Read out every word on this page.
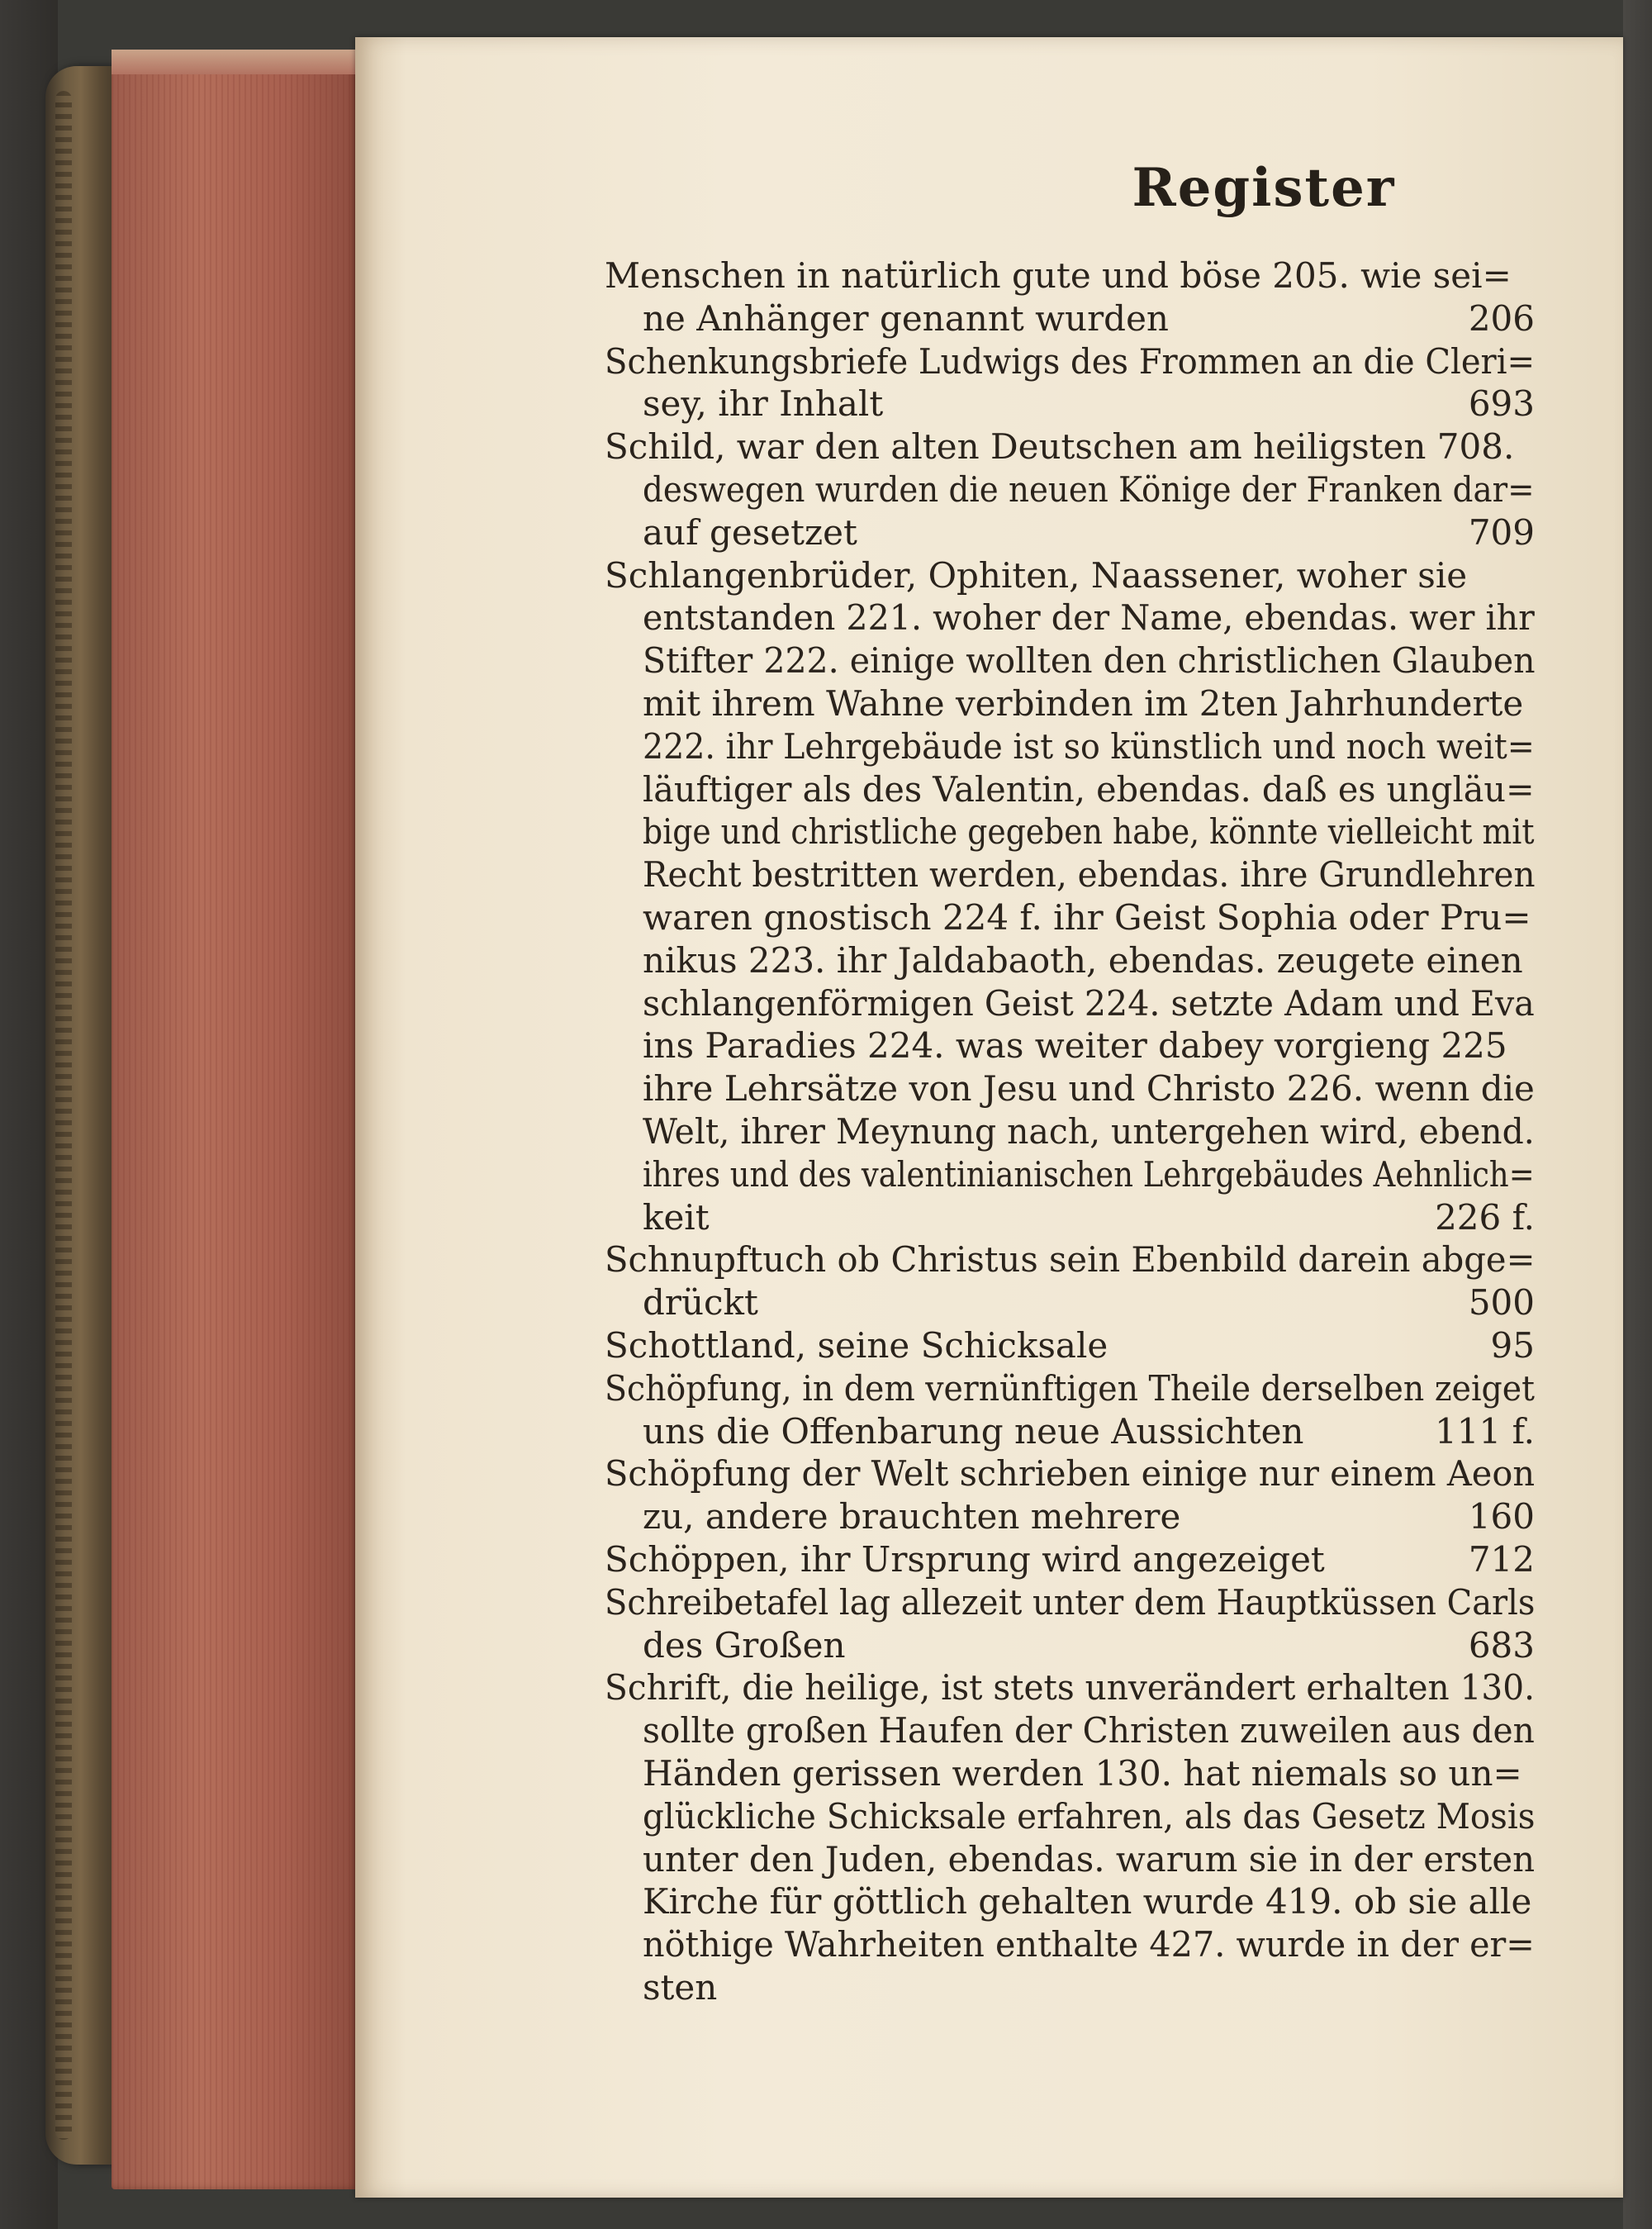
Register
Menschen in natürlich gute und böse 205. wie sei=
ne Anhänger genannt wurden	206
Schenkungsbriefe Ludwigs des Frommen an die Cleri=
sey, ihr Inhalt	693
Schild, war den alten Deutschen am heiligsten 708.
deswegen wurden die neuen Könige der Franken dar=
auf gesetzet	709
Schlangenbrüder, Ophiten, Naassener, woher sie
entstanden 221. woher der Name, ebendas. wer ihr
Stifter 222. einige wollten den christlichen Glauben
mit ihrem Wahne verbinden im 2ten Jahrhunderte
222. ihr Lehrgebäude ist so künstlich und noch weit=
läuftiger als des Valentin, ebendas. daß es ungläu=
bige und christliche gegeben habe, könnte vielleicht mit
Recht bestritten werden, ebendas. ihre Grundlehren
waren gnostisch 224 f. ihr Geist Sophia oder Pru=
nikus 223. ihr Jaldabaoth, ebendas. zeugete einen
schlangenförmigen Geist 224. setzte Adam und Eva
ins Paradies 224. was weiter dabey vorgieng 225
ihre Lehrsätze von Jesu und Christo 226. wenn die
Welt, ihrer Meynung nach, untergehen wird, ebend.
ihres und des valentinianischen Lehrgebäudes Aehnlich=
keit	226 f.
Schnupftuch ob Christus sein Ebenbild darein abge=
drückt	500
Schottland, seine Schicksale	95
Schöpfung, in dem vernünftigen Theile derselben zeiget
uns die Offenbarung neue Aussichten	111 f.
Schöpfung der Welt schrieben einige nur einem Aeon
zu, andere brauchten mehrere	160
Schöppen, ihr Ursprung wird angezeiget	712
Schreibetafel lag allezeit unter dem Hauptküssen Carls
des Großen	683
Schrift, die heilige, ist stets unverändert erhalten 130.
sollte großen Haufen der Christen zuweilen aus den
Händen gerissen werden 130. hat niemals so un=
glückliche Schicksale erfahren, als das Gesetz Mosis
unter den Juden, ebendas. warum sie in der ersten
Kirche für göttlich gehalten wurde 419. ob sie alle
nöthige Wahrheiten enthalte 427. wurde in der er=
sten
